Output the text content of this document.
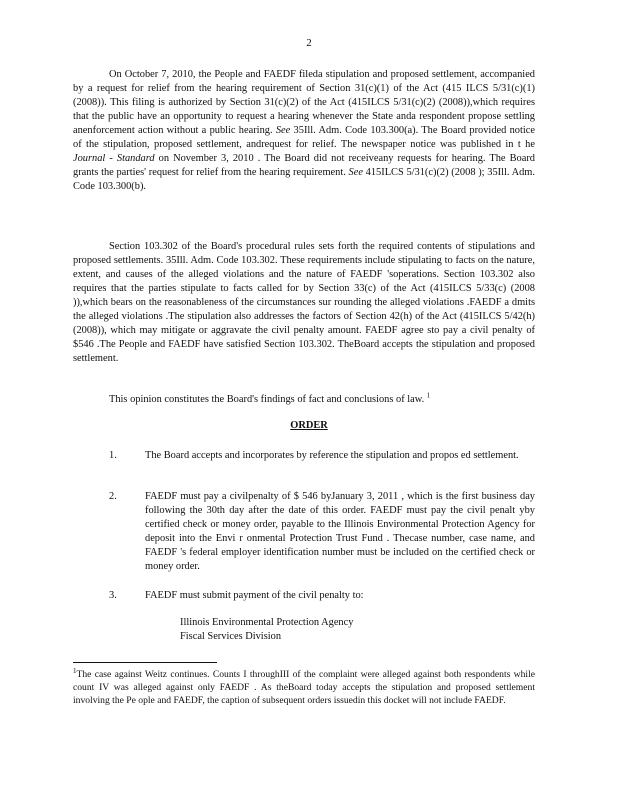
2

On October 7, 2010, the People and FAEDF fileda stipulation and proposed settlement, accompanied by a request for relief from the hearing requirement of Section 31(c)(1) of the Act (415 ILCS 5/31(c)(1) (2008)). This filing is authorized by Section 31(c)(2) of the Act (415ILCS 5/31(c)(2) (2008)),which requires that the public have an opportunity to request a hearing whenever the State anda respondent propose settling anenforcement action without a public hearing. See 35Ill. Adm. Code 103.300(a). The Board provided notice of the stipulation, proposed settlement, andrequest for relief. The newspaper notice was published in t he Journal - Standard on November 3, 2010 . The Board did not receiveany requests for hearing. The Board grants the parties' request for relief from the hearing requirement. See 415ILCS 5/31(c)(2) (2008 ); 35Ill. Adm. Code 103.300(b).

Section 103.302 of the Board's procedural rules sets forth the required contents of stipulations and proposed settlements. 35Ill. Adm. Code 103.302. These requirements include stipulating to facts on the nature, extent, and causes of the alleged violations and the nature of FAEDF 'soperations. Section 103.302 also requires that the parties stipulate to facts called for by Section 33(c) of the Act (415ILCS 5/33(c) (2008 )),which bears on the reasonableness of the circumstances sur rounding the alleged violations .FAEDF a dmits the alleged violations .The stipulation also addresses the factors of Section 42(h) of the Act (415ILCS 5/42(h) (2008)), which may mitigate or aggravate the civil penalty amount. FAEDF agree sto pay a civil penalty of $546 .The People and FAEDF have satisfied Section 103.302. TheBoard accepts the stipulation and proposed settlement.

This opinion constitutes the Board's findings of fact and conclusions of law. $^1$

ORDER
1.	The Board accepts and incorporates by reference the stipulation and propos ed settlement.
2.	FAEDF must pay a civilpenalty of $ 546 byJanuary 3, 2011 , which is the first business day following the 30th day after the date of this order. FAEDF must pay the civil penalt yby certified check or money order, payable to the Illinois Environmental Protection Agency for deposit into the Envi r onmental Protection Trust Fund . Thecase number, case name, and FAEDF 's federal employer identification number must be included on the certified check or money order.
3.	FAEDF must submit payment of the civil penalty to:
Illinois Environmental Protection Agency
Fiscal Services Division

$^1$The case against Weitz continues. Counts I throughIII of the complaint were alleged against both respondents while count IV was alleged against only FAEDF . As theBoard today accepts the stipulation and proposed settlement involving the Pe ople and FAEDF, the caption of subsequent orders issuedin this docket will not include FAEDF.
